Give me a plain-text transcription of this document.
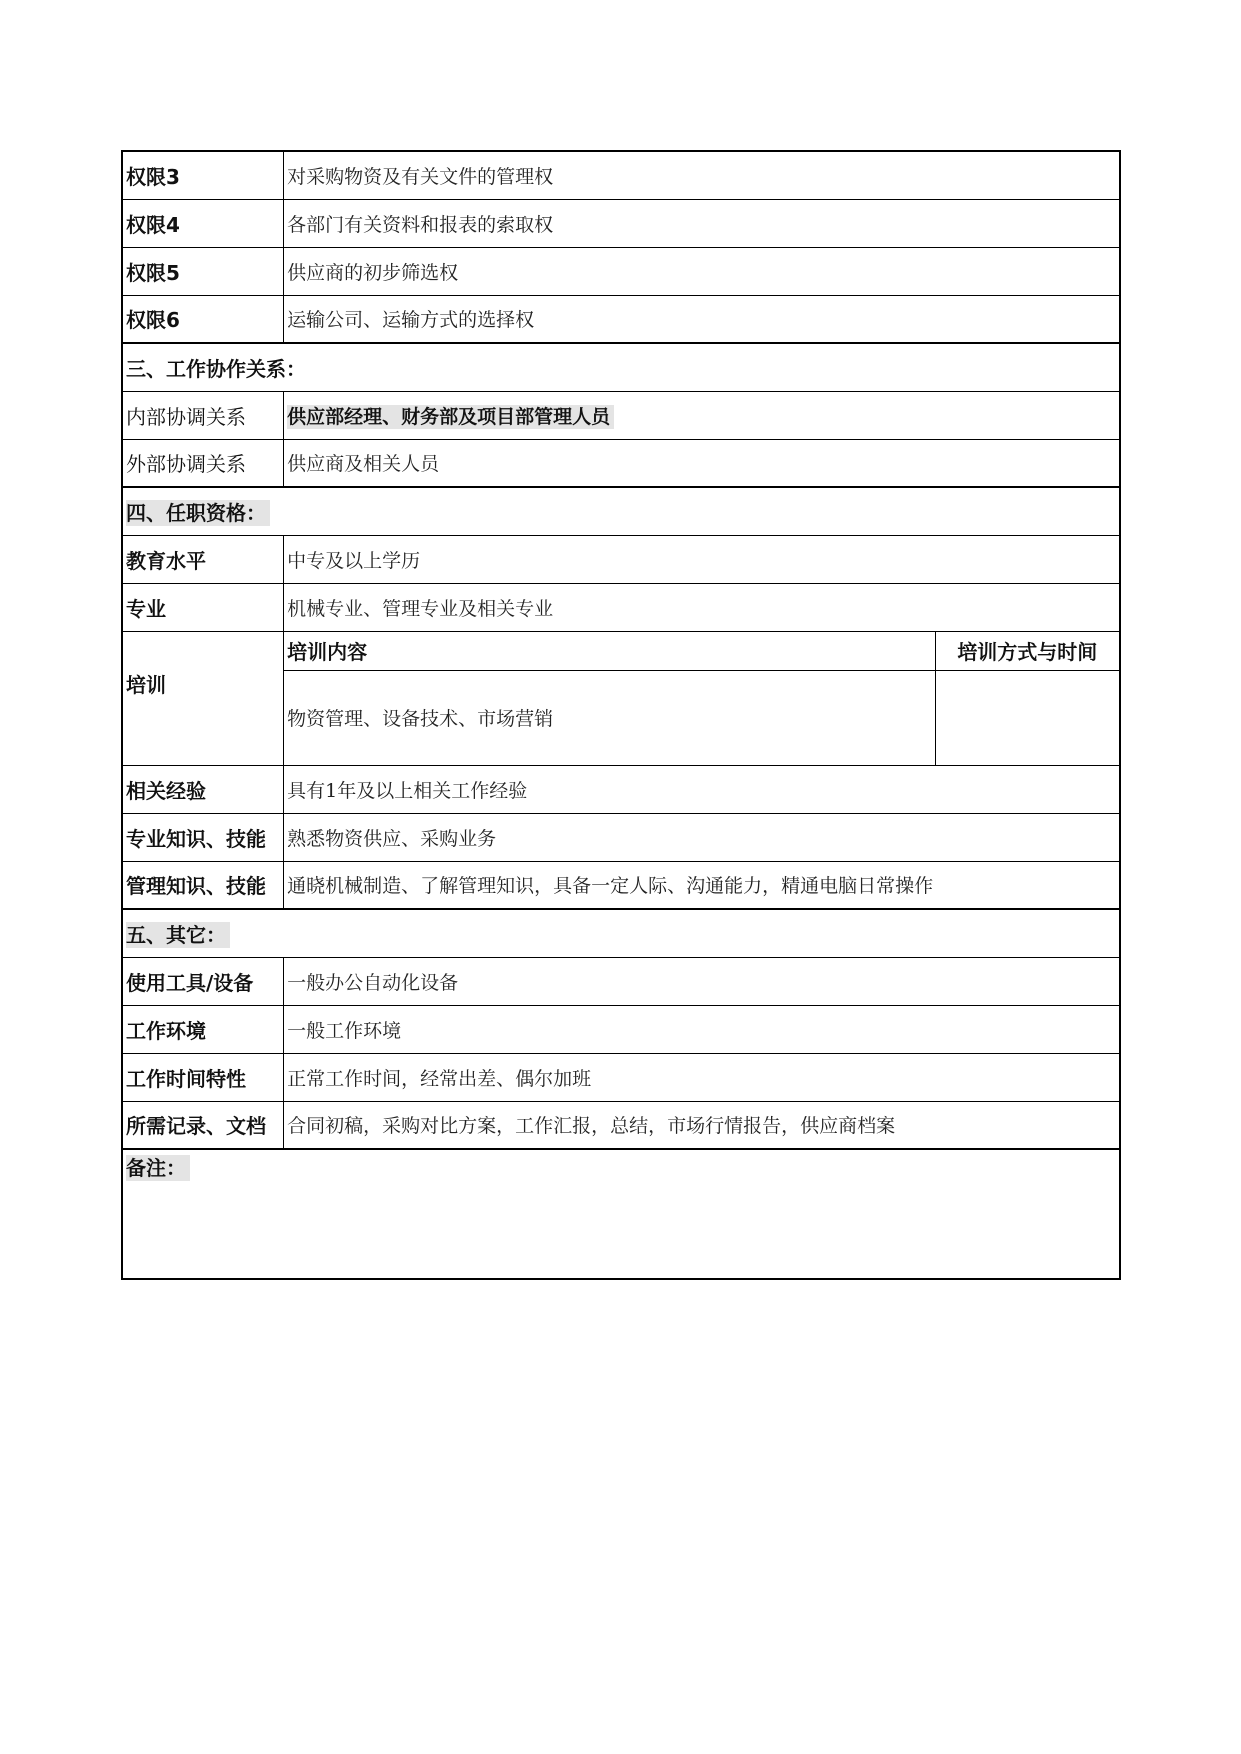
权限3	对采购物资及有关文件的管理权	
权限4	各部门有关资料和报表的索取权	
权限5	供应商的初步筛选权	
权限6	运输公司、运输方式的选择权	
三、工作协作关系：		
内部协调关系	供应部经理、财务部及项目部管理人员	
外部协调关系	供应商及相关人员	
四、任职资格：		
教育水平	中专及以上学历	
专业	机械专业、管理专业及相关专业	
培训	培训内容	培训方式与时间
	物资管理、设备技术、市场营销	
相关经验	具有1年及以上相关工作经验	
专业知识、技能	熟悉物资供应、采购业务	
管理知识、技能	通晓机械制造、了解管理知识，具备一定人际、沟通能力，精通电脑日常操作	
五、其它：		
使用工具/设备	一般办公自动化设备	
工作环境	一般工作环境	
工作时间特性	正常工作时间，经常出差、偶尔加班	
所需记录、文档	合同初稿，采购对比方案，工作汇报，总结，市场行情报告，供应商档案	
备注：		
